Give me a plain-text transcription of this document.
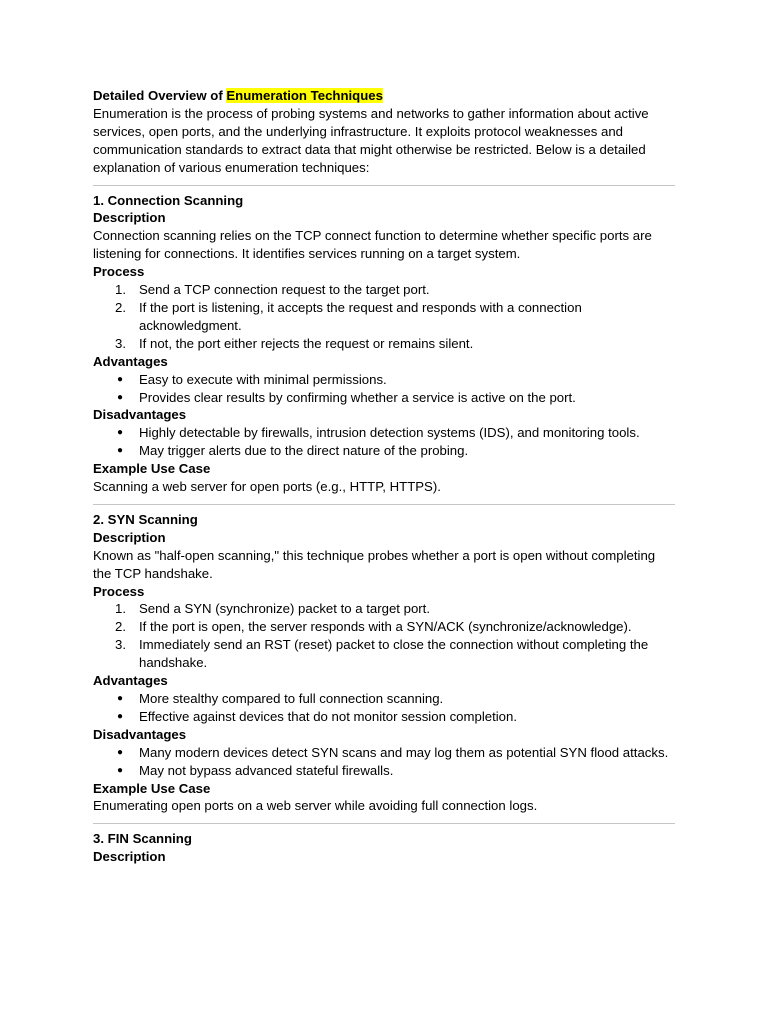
Detailed Overview of Enumeration Techniques

Enumeration is the process of probing systems and networks to gather information about active services, open ports, and the underlying infrastructure. It exploits protocol weaknesses and communication standards to extract data that might otherwise be restricted. Below is a detailed explanation of various enumeration techniques:

1. Connection Scanning
Description

Connection scanning relies on the TCP connect function to determine whether specific ports are listening for connections. It identifies services running on a target system.

Process
1. Send a TCP connection request to the target port.
2. If the port is listening, it accepts the request and responds with a connection acknowledgment.
3. If not, the port either rejects the request or remains silent.
Advantages
●	Easy to execute with minimal permissions.
●	Provides clear results by confirming whether a service is active on the port.
Disadvantages
●	Highly detectable by firewalls, intrusion detection systems (IDS), and monitoring tools.
●	May trigger alerts due to the direct nature of the probing.
Example Use Case

Scanning a web server for open ports (e.g., HTTP, HTTPS).

2. SYN Scanning
Description

Known as "half-open scanning," this technique probes whether a port is open without completing the TCP handshake.

Process
1. Send a SYN (synchronize) packet to a target port.
2. If the port is open, the server responds with a SYN/ACK (synchronize/acknowledge).
3. Immediately send an RST (reset) packet to close the connection without completing the handshake.
Advantages
●	More stealthy compared to full connection scanning.
●	Effective against devices that do not monitor session completion.
Disadvantages
●	Many modern devices detect SYN scans and may log them as potential SYN flood attacks.
●	May not bypass advanced stateful firewalls.
Example Use Case

Enumerating open ports on a web server while avoiding full connection logs.

3. FIN Scanning
Description
